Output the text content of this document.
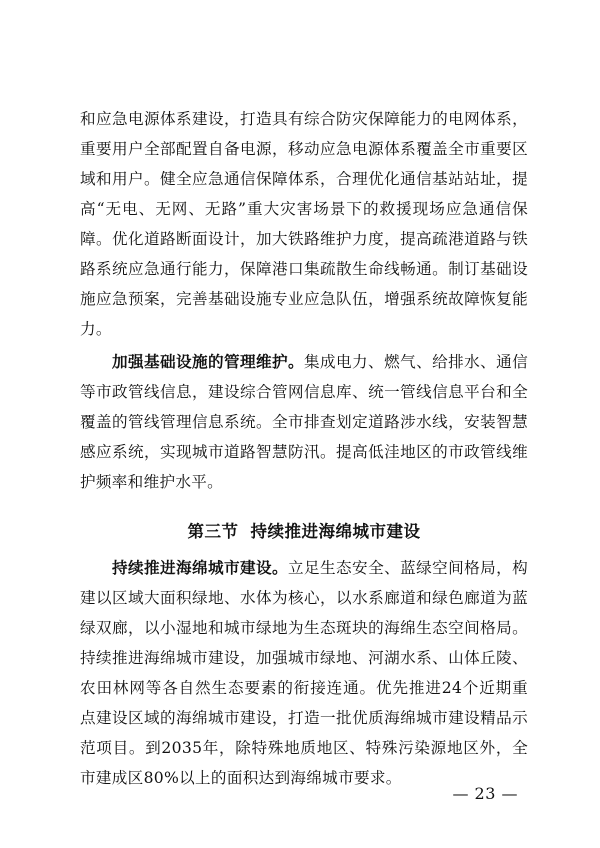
和应急电源体系建设，打造具有综合防灾保障能力的电网体系，重要用户全部配置自备电源，移动应急电源体系覆盖全市重要区域和用户。健全应急通信保障体系，合理优化通信基站站址，提高“无电、无网、无路”重大灾害场景下的救援现场应急通信保障。优化道路断面设计，加大铁路维护力度，提高疏港道路与铁路系统应急通行能力，保障港口集疏散生命线畅通。制订基础设施应急预案，完善基础设施专业应急队伍，增强系统故障恢复能力。

加强基础设施的管理维护。集成电力、燃气、给排水、通信等市政管线信息，建设综合管网信息库、统一管线信息平台和全覆盖的管线管理信息系统。全市排查划定道路涉水线，安装智慧感应系统，实现城市道路智慧防汛。提高低洼地区的市政管线维护频率和维护水平。

第三节 持续推进海绵城市建设

持续推进海绵城市建设。立足生态安全、蓝绿空间格局，构建以区域大面积绿地、水体为核心，以水系廊道和绿色廊道为蓝绿双廊，以小湿地和城市绿地为生态斑块的海绵生态空间格局。持续推进海绵城市建设，加强城市绿地、河湖水系、山体丘陵、农田林网等各自然生态要素的衔接连通。优先推进24个近期重点建设区域的海绵城市建设，打造一批优质海绵城市建设精品示范项目。到2035年，除特殊地质地区、特殊污染源地区外，全市建成区80%以上的面积达到海绵城市要求。

— 23 —
